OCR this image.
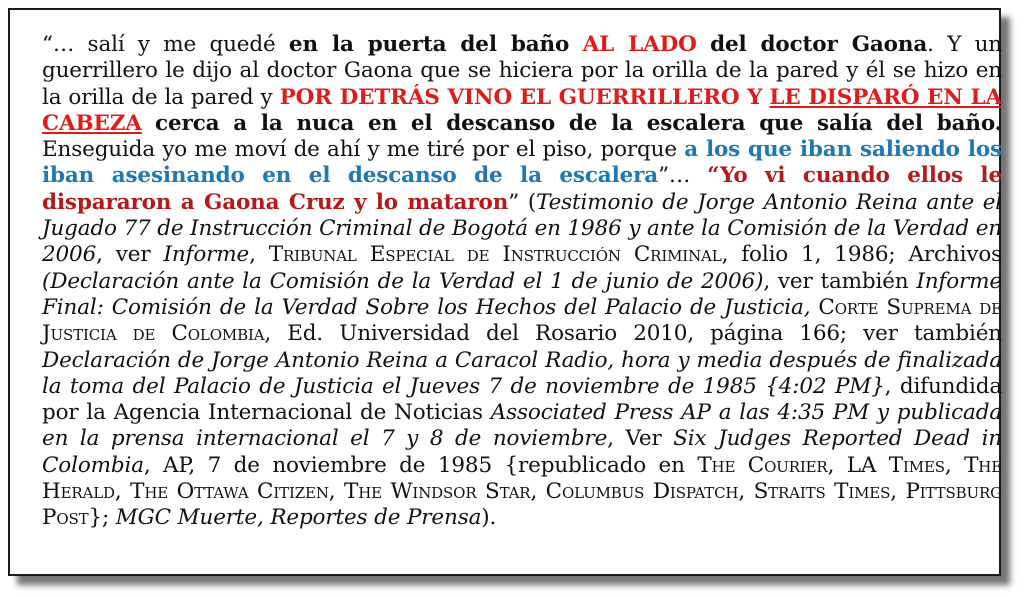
“… salí y me quedé en la puerta del baño AL LADO del doctor Gaona. Y un guerrillero le dijo al doctor Gaona que se hiciera por la orilla de la pared y él se hizo en la orilla de la pared y POR DETRÁS VINO EL GUERRILLERO Y LE DISPARÓ EN LA CABEZA cerca a la nuca en el descanso de la escalera que salía del baño. Enseguida yo me moví de ahí y me tiré por el piso, porque a los que iban saliendo los iban asesinando en el descanso de la escalera”… “Yo vi cuando ellos le dispararon a Gaona Cruz y lo mataron” (Testimonio de Jorge Antonio Reina ante el Jugado 77 de Instrucción Criminal de Bogotá en 1986 y ante la Comisión de la Verdad en 2006, ver Informe, Tribunal Especial de Instrucción Criminal, folio 1, 1986; Archivos (Declaración ante la Comisión de la Verdad el 1 de junio de 2006), ver también Informe Final: Comisión de la Verdad Sobre los Hechos del Palacio de Justicia, Corte Suprema de Justicia de Colombia, Ed. Universidad del Rosario 2010, página 166; ver también Declaración de Jorge Antonio Reina a Caracol Radio, hora y media después de finalizada la toma del Palacio de Justicia el Jueves 7 de noviembre de 1985 {4:02 PM}, difundida por la Agencia Internacional de Noticias Associated Press AP a las 4:35 PM y publicada en la prensa internacional el 7 y 8 de noviembre, Ver Six Judges Reported Dead in Colombia, AP, 7 de noviembre de 1985 {republicado en The Courier, LA Times, The Herald, The Ottawa Citizen, The Windsor Star, Columbus Dispatch, Straits Times, Pittsburg Post}; MGC Muerte, Reportes de Prensa).
